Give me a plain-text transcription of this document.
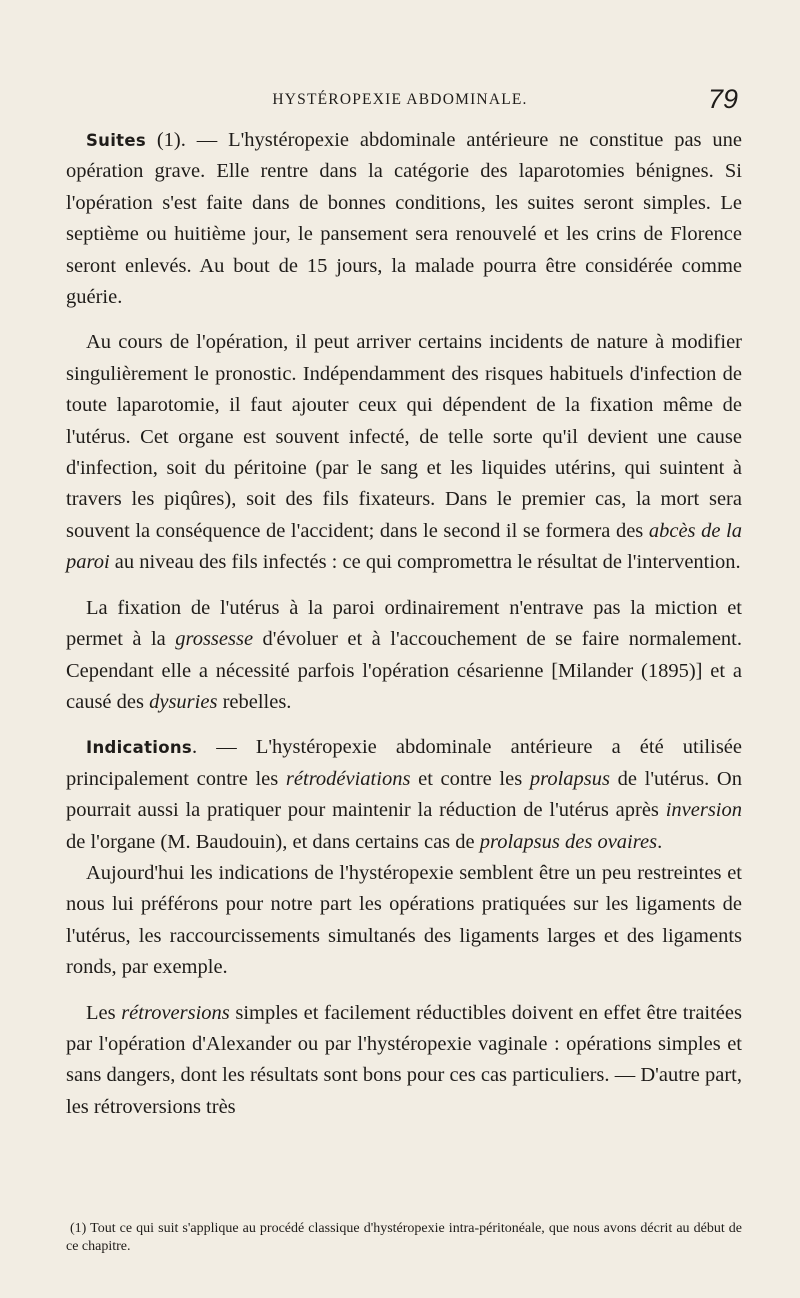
HYSTÉROPEXIE ABDOMINALE.	79

Suites (1). — L'hystéropexie abdominale antérieure ne constitue pas une opération grave. Elle rentre dans la catégorie des laparotomies bénignes. Si l'opération s'est faite dans de bonnes conditions, les suites seront simples. Le septième ou huitième jour, le pansement sera renouvelé et les crins de Florence seront enlevés. Au bout de 15 jours, la malade pourra être considérée comme guérie.

Au cours de l'opération, il peut arriver certains incidents de nature à modifier singulièrement le pronostic. Indépendamment des risques habituels d'infection de toute laparotomie, il faut ajouter ceux qui dépendent de la fixation même de l'utérus. Cet organe est souvent infecté, de telle sorte qu'il devient une cause d'infection, soit du péritoine (par le sang et les liquides utérins, qui suintent à travers les piqûres), soit des fils fixateurs. Dans le premier cas, la mort sera souvent la conséquence de l'accident; dans le second il se formera des abcès de la paroi au niveau des fils infectés : ce qui compromettra le résultat de l'intervention.

La fixation de l'utérus à la paroi ordinairement n'entrave pas la miction et permet à la grossesse d'évoluer et à l'accouchement de se faire normalement. Cependant elle a nécessité parfois l'opération césarienne [Milander (1895)] et a causé des dysuries rebelles.

Indications. — L'hystéropexie abdominale antérieure a été utilisée principalement contre les rétrodéviations et contre les prolapsus de l'utérus. On pourrait aussi la pratiquer pour maintenir la réduction de l'utérus après inversion de l'organe (M. Baudouin), et dans certains cas de prolapsus des ovaires.

Aujourd'hui les indications de l'hystéropexie semblent être un peu restreintes et nous lui préférons pour notre part les opérations pratiquées sur les ligaments de l'utérus, les raccourcissements simultanés des ligaments larges et des ligaments ronds, par exemple.

Les rétroversions simples et facilement réductibles doivent en effet être traitées par l'opération d'Alexander ou par l'hystéropexie vaginale : opérations simples et sans dangers, dont les résultats sont bons pour ces cas particuliers. — D'autre part, les rétroversions très

(1) Tout ce qui suit s'applique au procédé classique d'hystéropexie intra-péritonéale, que nous avons décrit au début de ce chapitre.
